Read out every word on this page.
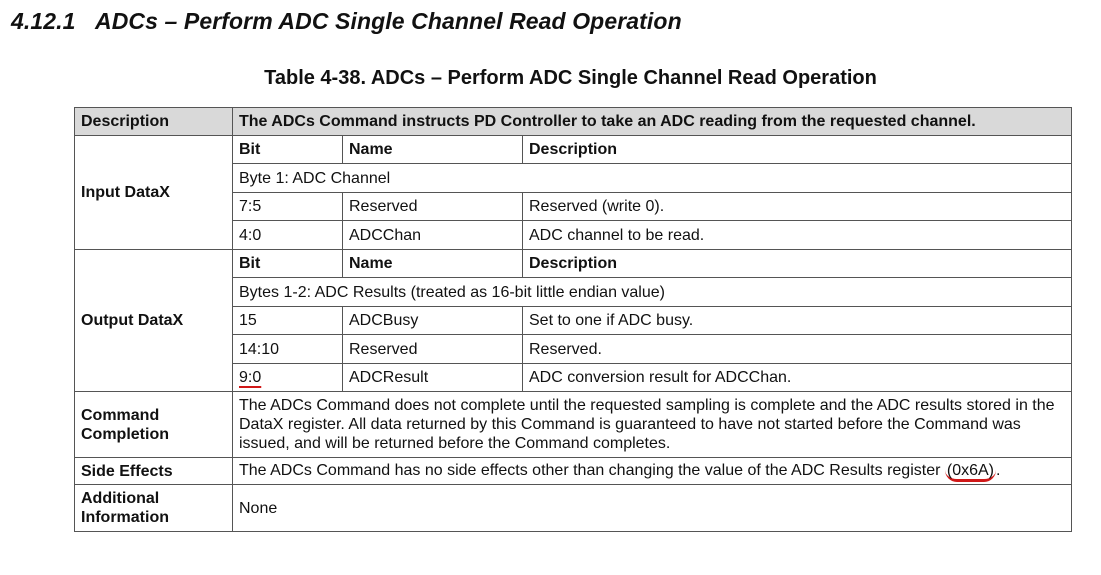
4.12.1 ADCs – Perform ADC Single Channel Read Operation
Table 4-38. ADCs – Perform ADC Single Channel Read Operation
Description	The ADCs Command instructs PD Controller to take an ADC reading from the requested channel.		
Input DataX	Bit	Name	Description
	Byte 1: ADC Channel		
	7:5	Reserved	Reserved (write 0).
	4:0	ADCChan	ADC channel to be read.
Output DataX	Bit	Name	Description
	Bytes 1-2: ADC Results (treated as 16-bit little endian value)		
	15	ADCBusy	Set to one if ADC busy.
	14:10	Reserved	Reserved.
	9:0	ADCResult	ADC conversion result for ADCChan.
Command
Completion	The ADCs Command does not complete until the requested sampling is complete and the ADC results stored in the DataX register. All data returned by this Command is guaranteed to have not started before the Command was issued, and will be returned before the Command completes.		
Side Effects	The ADCs Command has no side effects other than changing the value of the ADC Results register (0x6A) .		
Additional
Information	None		
